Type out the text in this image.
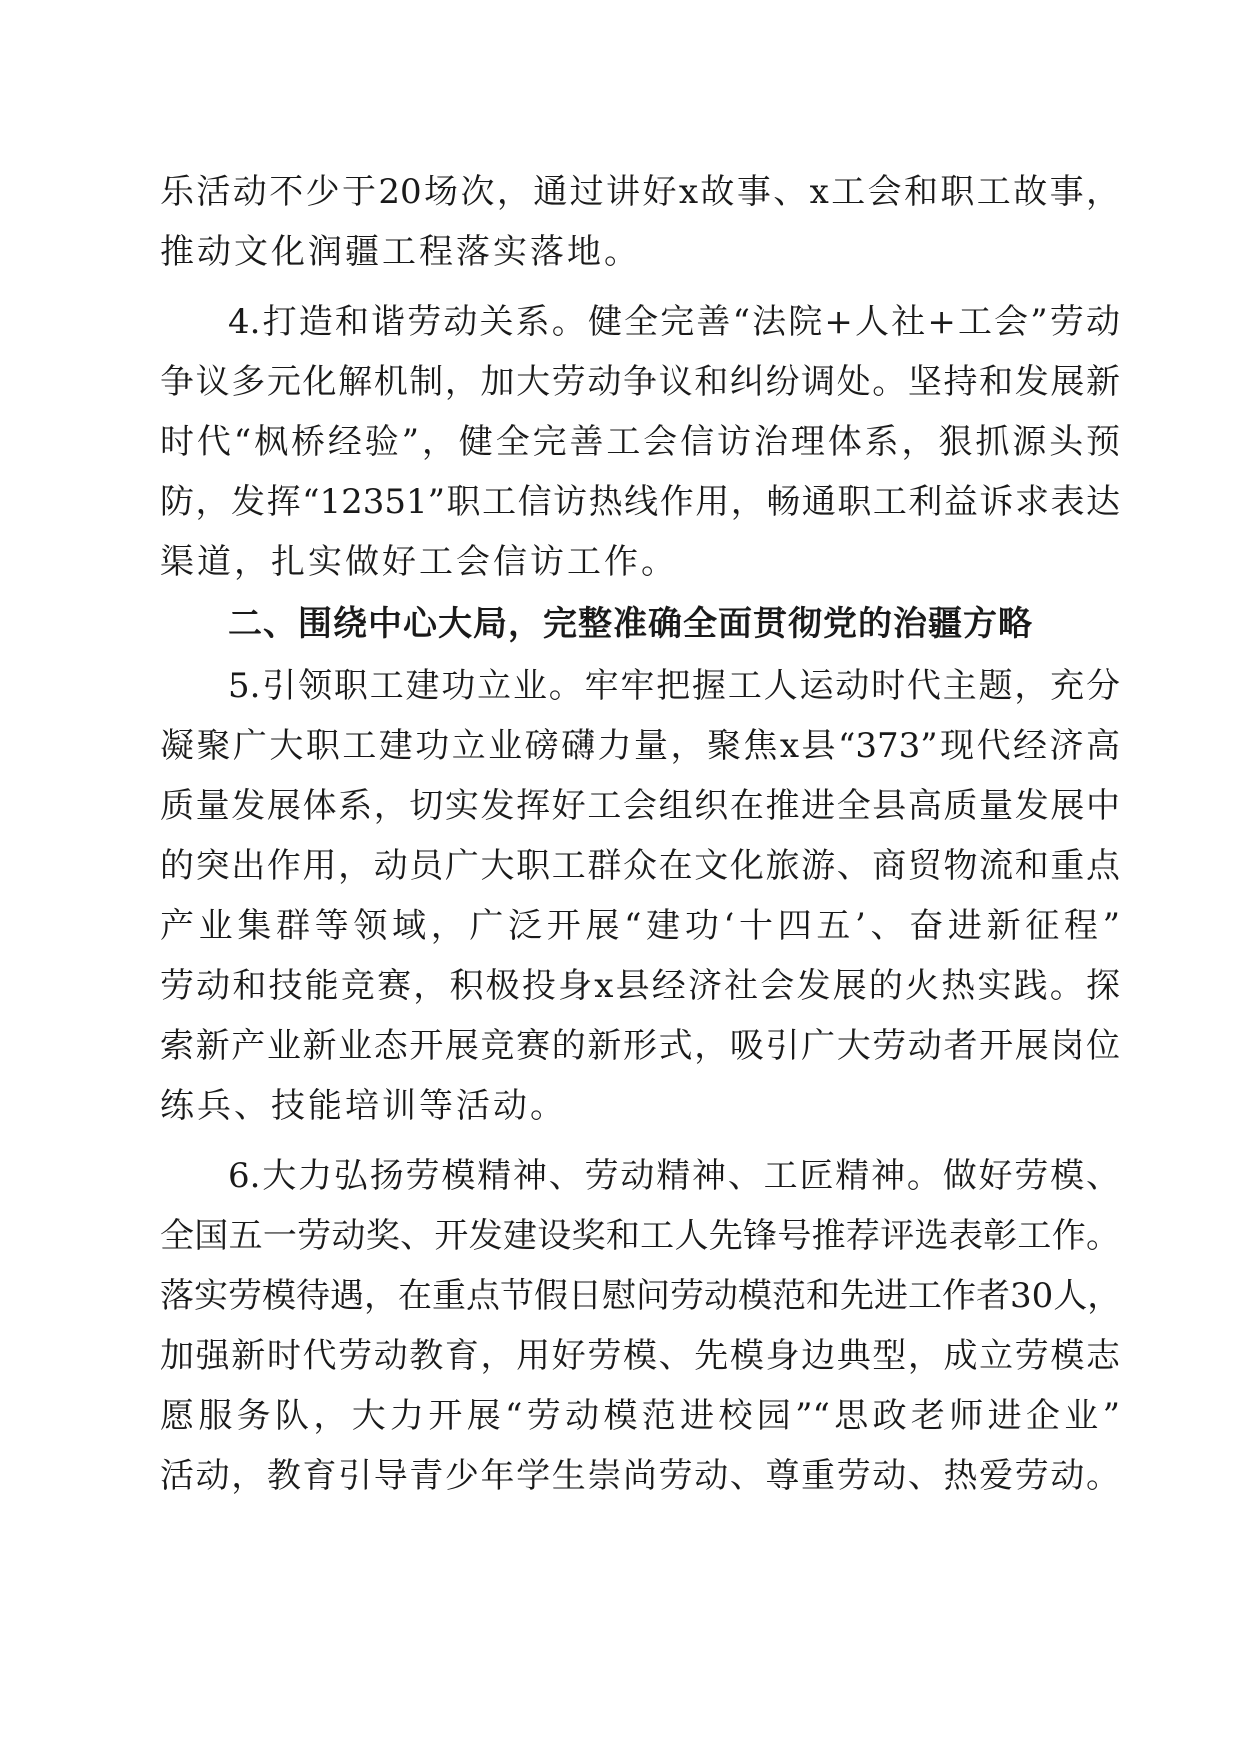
乐活动不少于20场次，通过讲好x故事、x工会和职工故事，
推动文化润疆工程落实落地。
4.打造和谐劳动关系。健全完善“法院+人社+工会”劳动
争议多元化解机制，加大劳动争议和纠纷调处。坚持和发展新
时代“枫桥经验”，健全完善工会信访治理体系，狠抓源头预
防，发挥“12351”职工信访热线作用，畅通职工利益诉求表达
渠道，扎实做好工会信访工作。
二、围绕中心大局，完整准确全面贯彻党的治疆方略
5.引领职工建功立业。牢牢把握工人运动时代主题，充分
凝聚广大职工建功立业磅礴力量，聚焦x县“373”现代经济高
质量发展体系，切实发挥好工会组织在推进全县高质量发展中
的突出作用，动员广大职工群众在文化旅游、商贸物流和重点
产业集群等领域，广泛开展“建功‘十四五’、奋进新征程”
劳动和技能竞赛，积极投身x县经济社会发展的火热实践。探
索新产业新业态开展竞赛的新形式，吸引广大劳动者开展岗位
练兵、技能培训等活动。
6.大力弘扬劳模精神、劳动精神、工匠精神。做好劳模、
全国五一劳动奖、开发建设奖和工人先锋号推荐评选表彰工作。
落实劳模待遇，在重点节假日慰问劳动模范和先进工作者30人，
加强新时代劳动教育，用好劳模、先模身边典型，成立劳模志
愿服务队，大力开展“劳动模范进校园”“思政老师进企业”
活动，教育引导青少年学生崇尚劳动、尊重劳动、热爱劳动。
